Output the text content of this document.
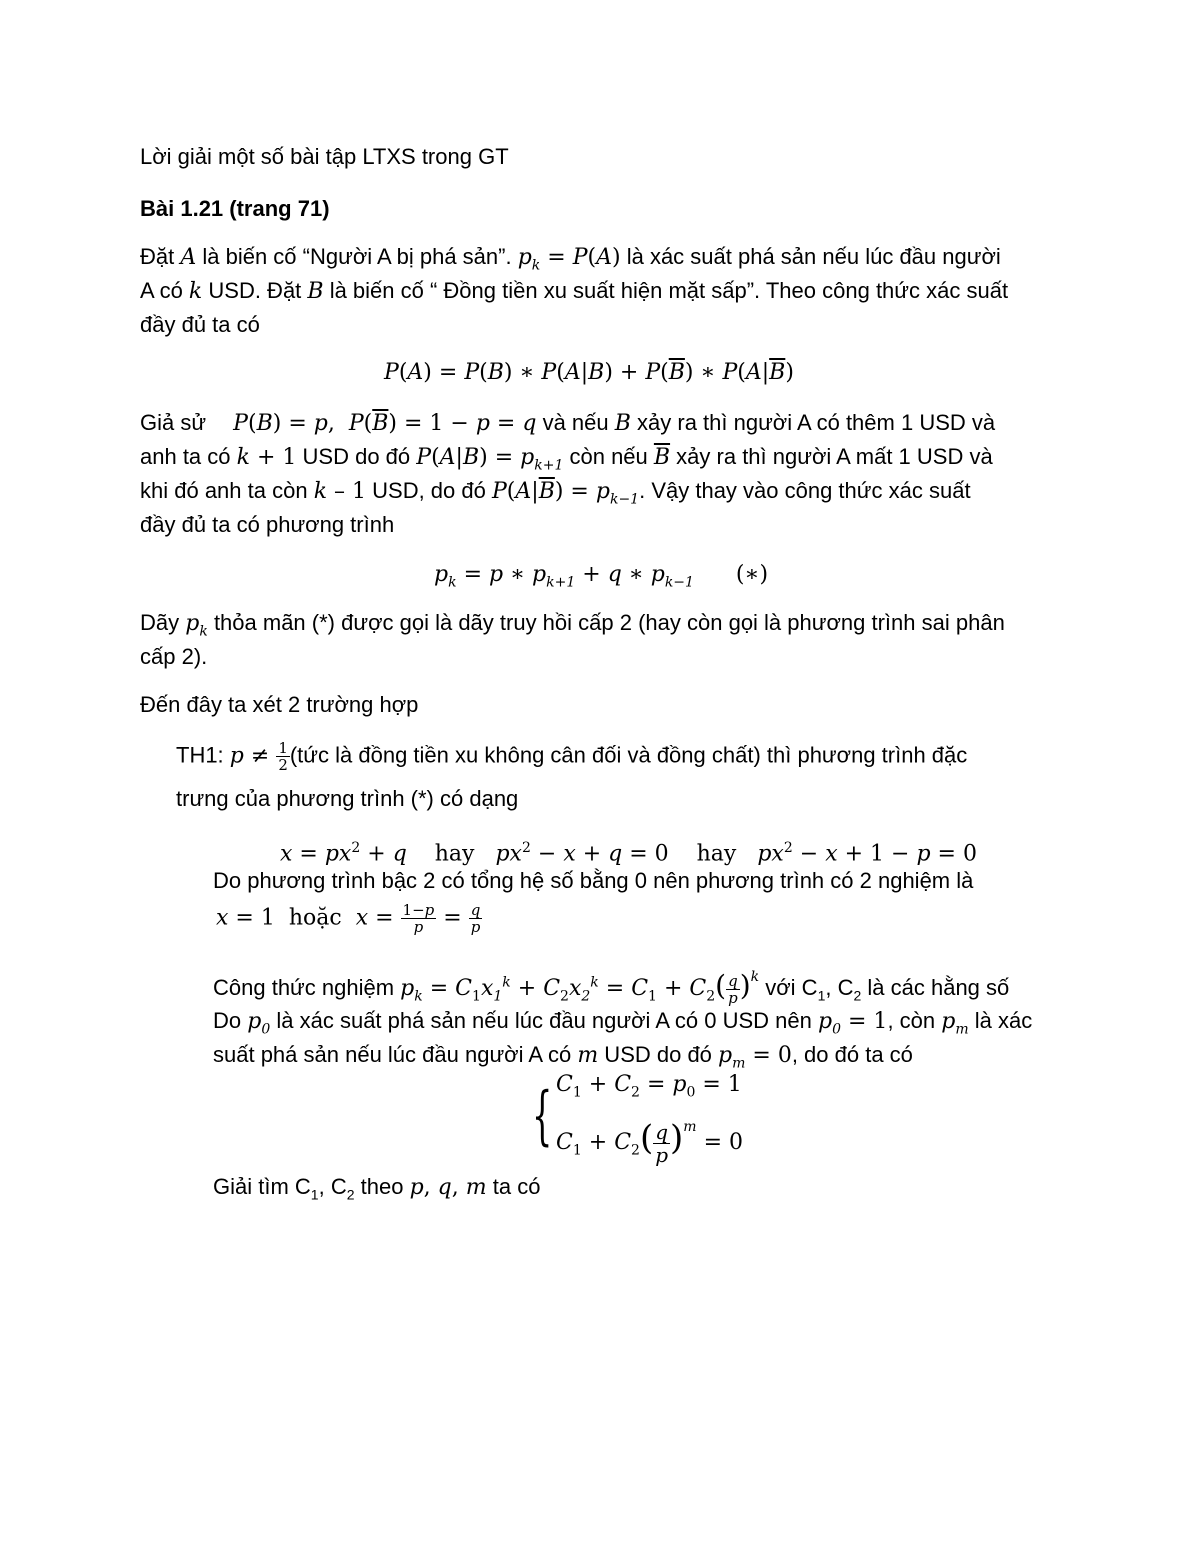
Lời giải một số bài tập LTXS trong GT
Bài 1.21 (trang 71)
Đặt A là biến cố “Người A bị phá sản”. $p_k = P(A)$ là xác suất phá sản nếu lúc đầu người
A có k USD. Đặt B là biến cố “ Đồng tiền xu suất hiện mặt sấp”. Theo công thức xác suất
đầy đủ ta có
P(A) = P(B) ∗ $P(A|B) + P(\overline{B})$ ∗ $P(A|\overline{B})$
Giả sử    P(B) = p,  $P(\overline{B}) = 1 - p = q$ và nếu B xảy ra thì người A có thêm 1 USD và
anh ta có k + 1 USD do đó $P(A|B) = p_{k+1}$ còn nếu $\overline{B}$ xảy ra thì người A mất 1 USD và
khi đó anh ta còn k – 1 USD, do đó $P(A|\overline{B}) = p_{k-1}$. Vậy thay vào công thức xác suất
đầy đủ ta có phương trình
$p_k = p$ ∗ $p_{k+1} + q$ ∗ $p_{k-1}$      (∗)
Dãy $p_k$ thỏa mãn (*) được gọi là dãy truy hồi cấp 2 (hay còn gọi là phương trình sai phân
cấp 2).
Đến đây ta xét 2 trường hợp
TH1: $p \ne \frac{1}{2}$ (tức là đồng tiền xu không cân đối và đồng chất) thì phương trình đặc
trưng của phương trình (*) có dạng
$x = px^2 + q$ hay $px^2 - x + q = 0$    hay $px^2 - x + 1 - p = 0$
Do phương trình bậc 2 có tổng hệ số bằng 0 nên phương trình có 2 nghiệm là
x = 1  hoặc $x = \frac{1-p}{p} = \frac{q}{p}$
Công thức nghiệm $p_k = C_1x_1^k + C_2x_2^k = C_1 + C_2( \frac{q}{p} )^k$ với $C_1$, $C_2$ là các hằng số
Do $p_0$ là xác suất phá sản nếu lúc đầu người A có 0 USD nên $p_0 = 1$, còn $p_m$ là xác
suất phá sản nếu lúc đầu người A có m USD do đó $p_m = 0$, do đó ta có
{ $C_1 + C_2 = p_0 = 1$
$C_1 + C_2( \frac{q}{p} )^m = 0$
Giải tìm $C_1$, $C_2$ theo p, q, m ta có
